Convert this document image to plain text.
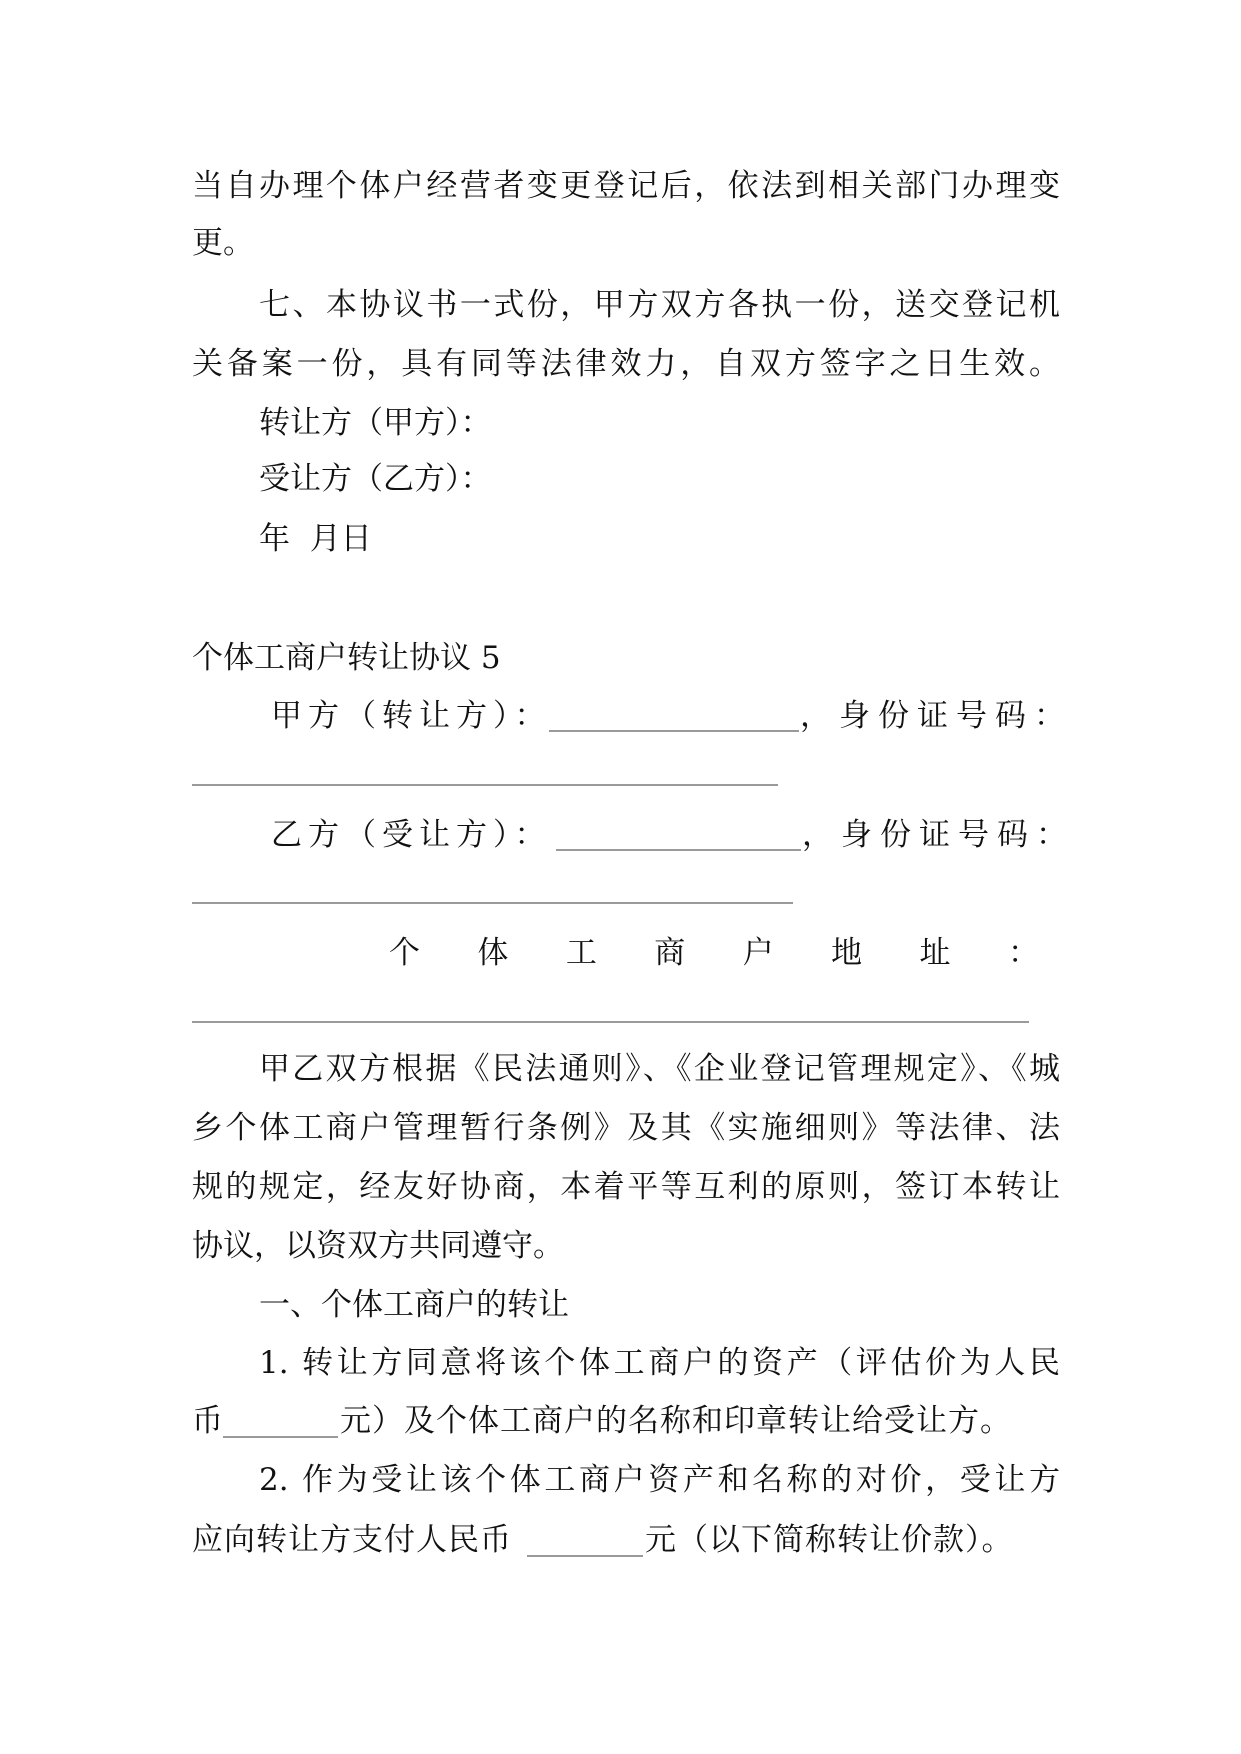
当自办理个体户经营者变更登记后，依法到相关部门办理变
更。
七、本协议书一式份，甲方双方各执一份，送交登记机
关备案一份，具有同等法律效力，自双方签字之日生效。
转让方（甲方）：
受让方（乙方）：
年  月日
个体工商户转让协议 5
甲方（转让方）：	，身份证号码：
乙方（受让方）：	，身份证号码：
个 体 工 商 户 地 址 ：
甲乙双方根据《民法通则》、《企业登记管理规定》、《城
乡个体工商户管理暂行条例》及其《实施细则》等法律、法
规的规定，经友好协商，本着平等互利的原则，签订本转让
协议，以资双方共同遵守。
一、个体工商户的转让
1. 转让方同意将该个体工商户的资产（评估价为人民
币	元）及个体工商户的名称和印章转让给受让方。
2. 作为受让该个体工商户资产和名称的对价，受让方
应向转让方支付人民币	元（以下简称转让价款）。
